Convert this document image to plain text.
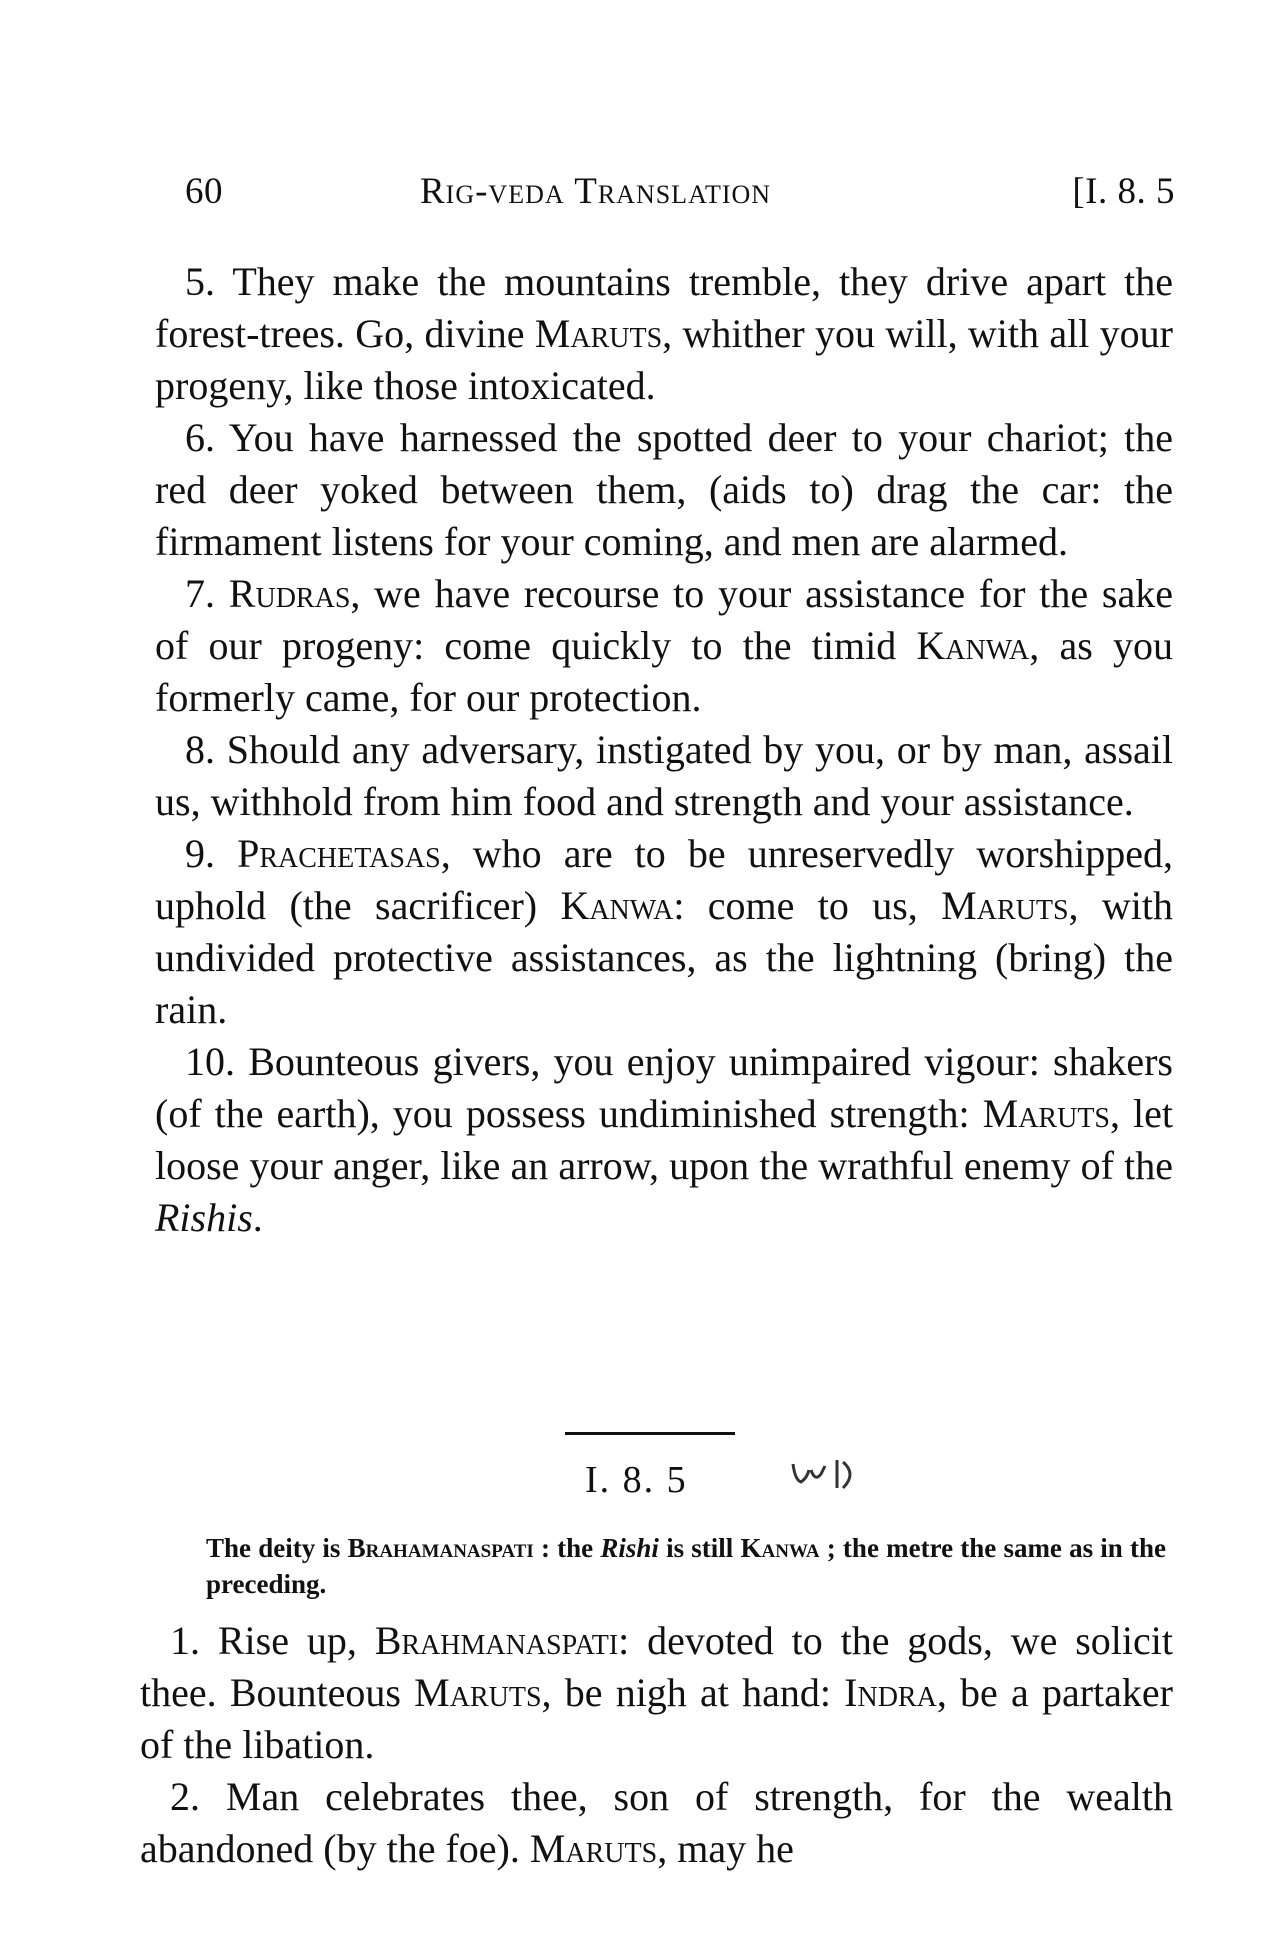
60	Rig-veda Translation	[I. 8. 5

5. They make the mountains tremble, they drive apart the forest-trees. Go, divine Maruts, whither you will, with all your progeny, like those intoxicated.

6. You have harnessed the spotted deer to your chariot; the red deer yoked between them, (aids to) drag the car: the firmament listens for your coming, and men are alarmed.

7. Rudras, we have recourse to your assistance for the sake of our progeny: come quickly to the timid Kanwa, as you formerly came, for our protection.

8. Should any adversary, instigated by you, or by man, assail us, withhold from him food and strength and your assistance.

9. Prachetasas, who are to be unreservedly worshipped, uphold (the sacrificer) Kanwa: come to us, Maruts, with undivided protective assistances, as the lightning (bring) the rain.

10. Bounteous givers, you enjoy unimpaired vigour: shakers (of the earth), you possess undiminished strength: Maruts, let loose your anger, like an arrow, upon the wrathful enemy of the Rishis.

I. 8. 5
The deity is Brahamanaspati : the Rishi is still Kanwa ; the metre the same as in the preceding.

1. Rise up, Brahmanaspati: devoted to the gods, we solicit thee. Bounteous Maruts, be nigh at hand: Indra, be a partaker of the libation.

2. Man celebrates thee, son of strength, for the wealth abandoned (by the foe). Maruts, may he
